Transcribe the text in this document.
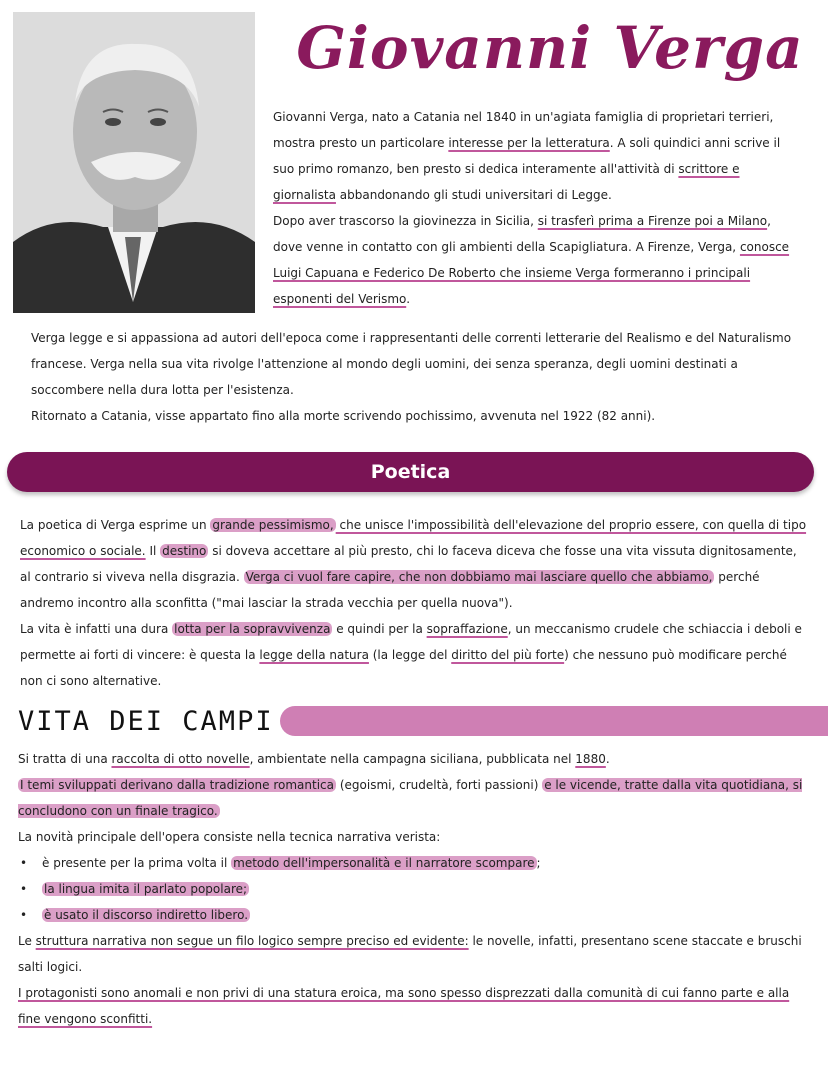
Giovanni Verga

Giovanni Verga, nato a Catania nel 1840 in un'agiata famiglia di proprietari terrieri, mostra presto un particolare interesse per la letteratura. A soli quindici anni scrive il suo primo romanzo, ben presto si dedica interamente all'attività di scrittore e giornalista abbandonando gli studi universitari di Legge.

Dopo aver trascorso la giovinezza in Sicilia, si trasferì prima a Firenze poi a Milano, dove venne in contatto con gli ambienti della Scapigliatura. A Firenze, Verga, conosce Luigi Capuana e Federico De Roberto che insieme Verga formeranno i principali esponenti del Verismo.

Verga legge e si appassiona ad autori dell'epoca come i rappresentanti delle correnti letterarie del Realismo e del Naturalismo francese. Verga nella sua vita rivolge l'attenzione al mondo degli uomini, dei senza speranza, degli uomini destinati a soccombere nella dura lotta per l'esistenza.

Ritornato a Catania, visse appartato fino alla morte scrivendo pochissimo, avvenuta nel 1922 (82 anni).

Poetica

La poetica di Verga esprime un grande pessimismo, che unisce l'impossibilità dell'elevazione del proprio essere, con quella di tipo economico o sociale. Il destino si doveva accettare al più presto, chi lo faceva diceva che fosse una vita vissuta dignitosamente, al contrario si viveva nella disgrazia. Verga ci vuol fare capire, che non dobbiamo mai lasciare quello che abbiamo, perché andremo incontro alla sconfitta ("mai lasciar la strada vecchia per quella nuova").

La vita è infatti una dura lotta per la sopravvivenza e quindi per la sopraffazione, un meccanismo crudele che schiaccia i deboli e permette ai forti di vincere: è questa la legge della natura (la legge del diritto del più forte) che nessuno può modificare perché non ci sono alternative.

VITA DEI CAMPI

Si tratta di una raccolta di otto novelle, ambientate nella campagna siciliana, pubblicata nel 1880.

I temi sviluppati derivano dalla tradizione romantica (egoismi, crudeltà, forti passioni) e le vicende, tratte dalla vita quotidiana, si concludono con un finale tragico.

La novità principale dell'opera consiste nella tecnica narrativa verista:

• è presente per la prima volta il metodo dell'impersonalità e il narratore scompare ;
• la lingua imita il parlato popolare;
• è usato il discorso indiretto libero.

Le struttura narrativa non segue un filo logico sempre preciso ed evidente: le novelle, infatti, presentano scene staccate e bruschi salti logici.

I protagonisti sono anomali e non privi di una statura eroica, ma sono spesso disprezzati dalla comunità di cui fanno parte e alla fine vengono sconfitti.
